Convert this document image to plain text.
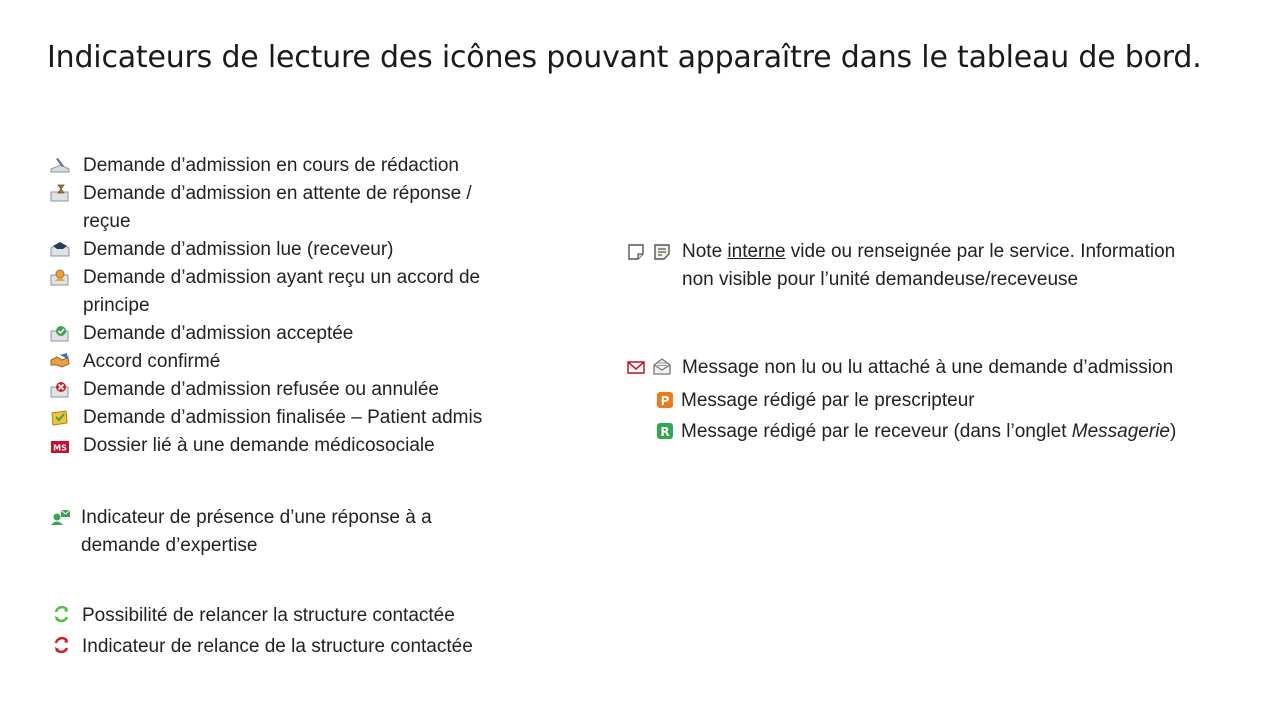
Indicateurs de lecture des icônes pouvant apparaître dans le tableau de bord.
Demande d’admission en cours de rédaction
Demande d’admission en attente de réponse /
reçue
Demande d’admission lue (receveur)
Demande d’admission ayant reçu un accord de
principe
Demande d’admission acceptée
Accord confirmé
Demande d’admission refusée ou annulée
Demande d’admission finalisée – Patient admis
MS Dossier lié à une demande médicosociale
Indicateur de présence d’une réponse à a
demande d’expertise
Possibilité de relancer la structure contactée
Indicateur de relance de la structure contactée
Note interne vide ou renseignée par le service. Information
non visible pour l’unité demandeuse/receveuse
Message non lu ou lu attaché à une demande d’admission
P Message rédigé par le prescripteur
R Message rédigé par le receveur (dans l’onglet Messagerie)
